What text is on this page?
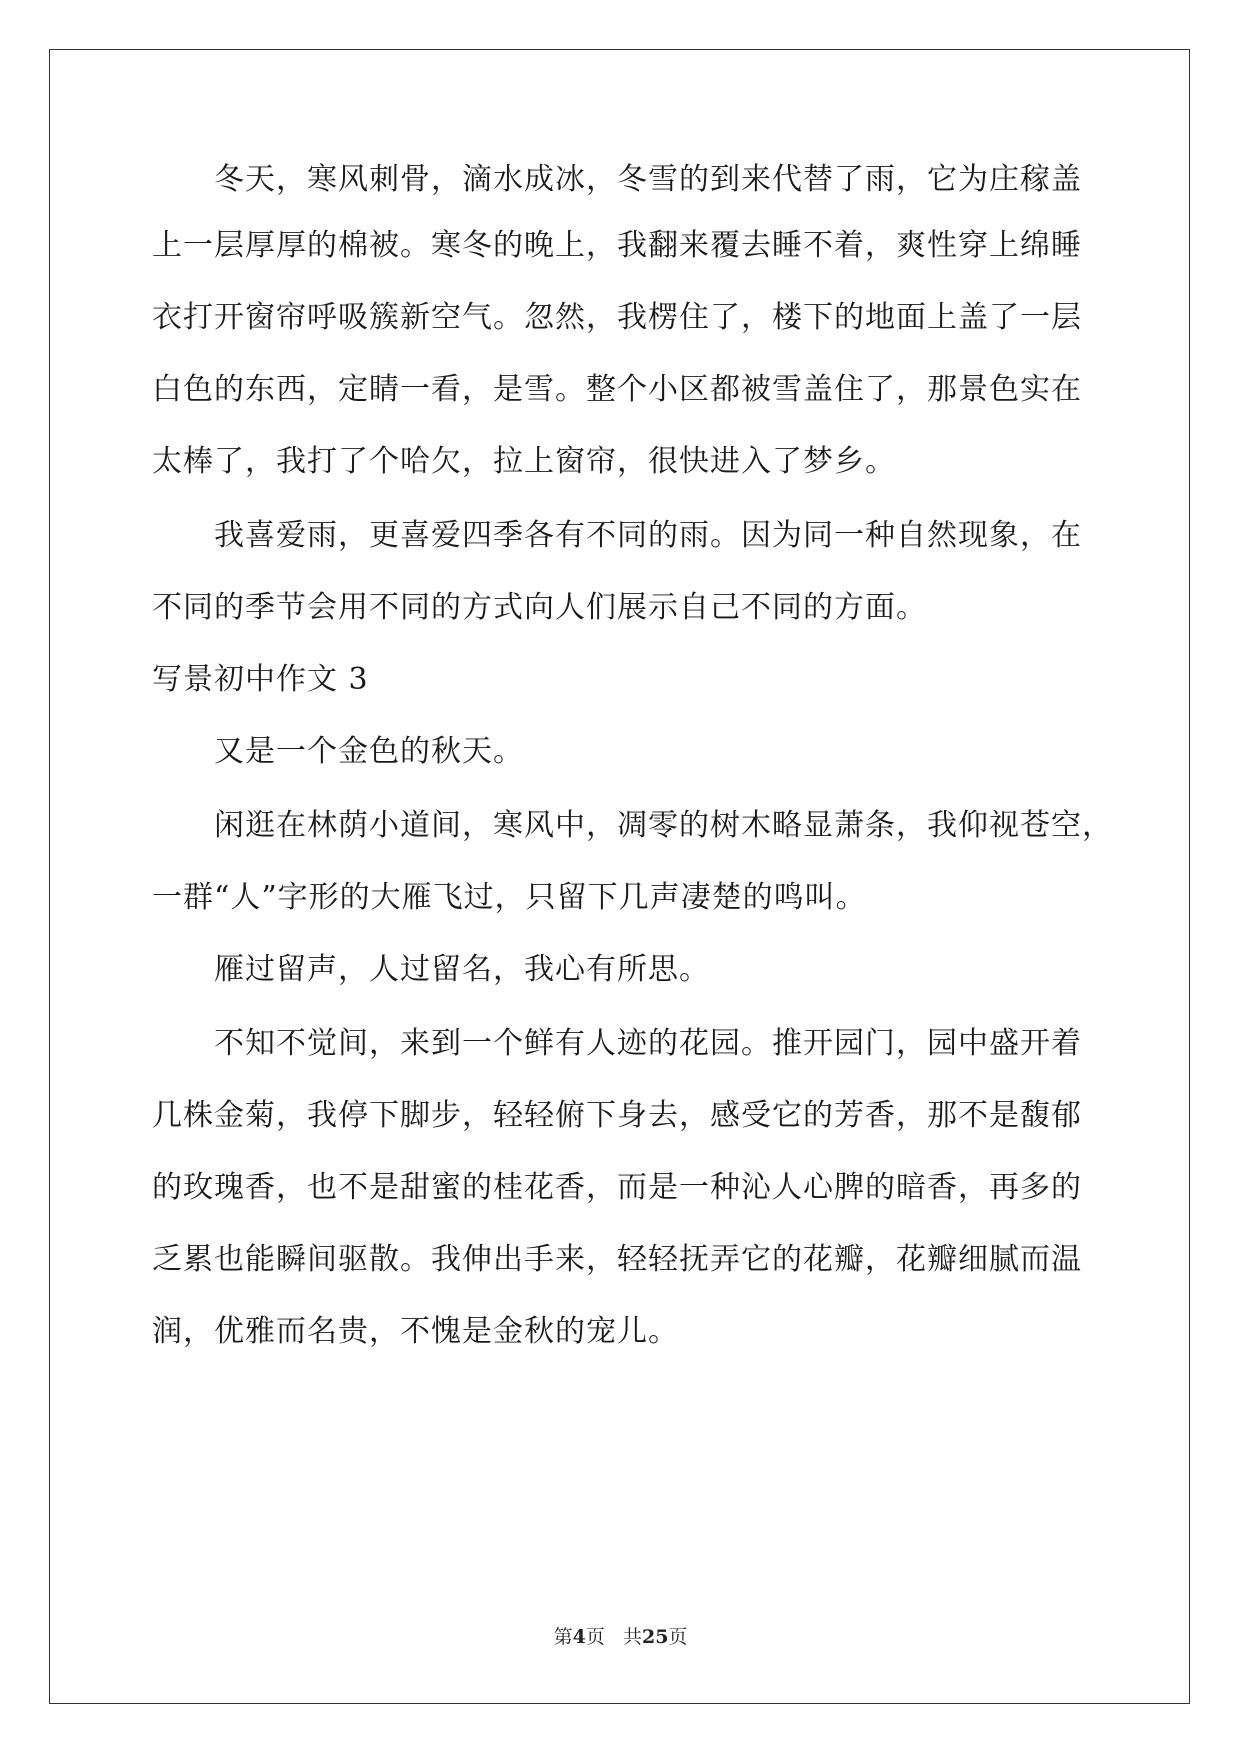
冬天，寒风刺骨，滴水成冰，冬雪的到来代替了雨，它为庄稼盖
上一层厚厚的棉被。寒冬的晚上，我翻来覆去睡不着，爽性穿上绵睡
衣打开窗帘呼吸簇新空气。忽然，我楞住了，楼下的地面上盖了一层
白色的东西，定睛一看，是雪。整个小区都被雪盖住了，那景色实在
太棒了，我打了个哈欠，拉上窗帘，很快进入了梦乡。
我喜爱雨，更喜爱四季各有不同的雨。因为同一种自然现象，在
不同的季节会用不同的方式向人们展示自己不同的方面。
写景初中作文 3
又是一个金色的秋天。
闲逛在林荫小道间，寒风中，凋零的树木略显萧条，我仰视苍空，
一群“人”字形的大雁飞过，只留下几声凄楚的鸣叫。
雁过留声，人过留名，我心有所思。
不知不觉间，来到一个鲜有人迹的花园。推开园门，园中盛开着
几株金菊，我停下脚步，轻轻俯下身去，感受它的芳香，那不是馥郁
的玫瑰香，也不是甜蜜的桂花香，而是一种沁人心脾的暗香，再多的
乏累也能瞬间驱散。我伸出手来，轻轻抚弄它的花瓣，花瓣细腻而温
润，优雅而名贵，不愧是金秋的宠儿。
第4页 共25页
